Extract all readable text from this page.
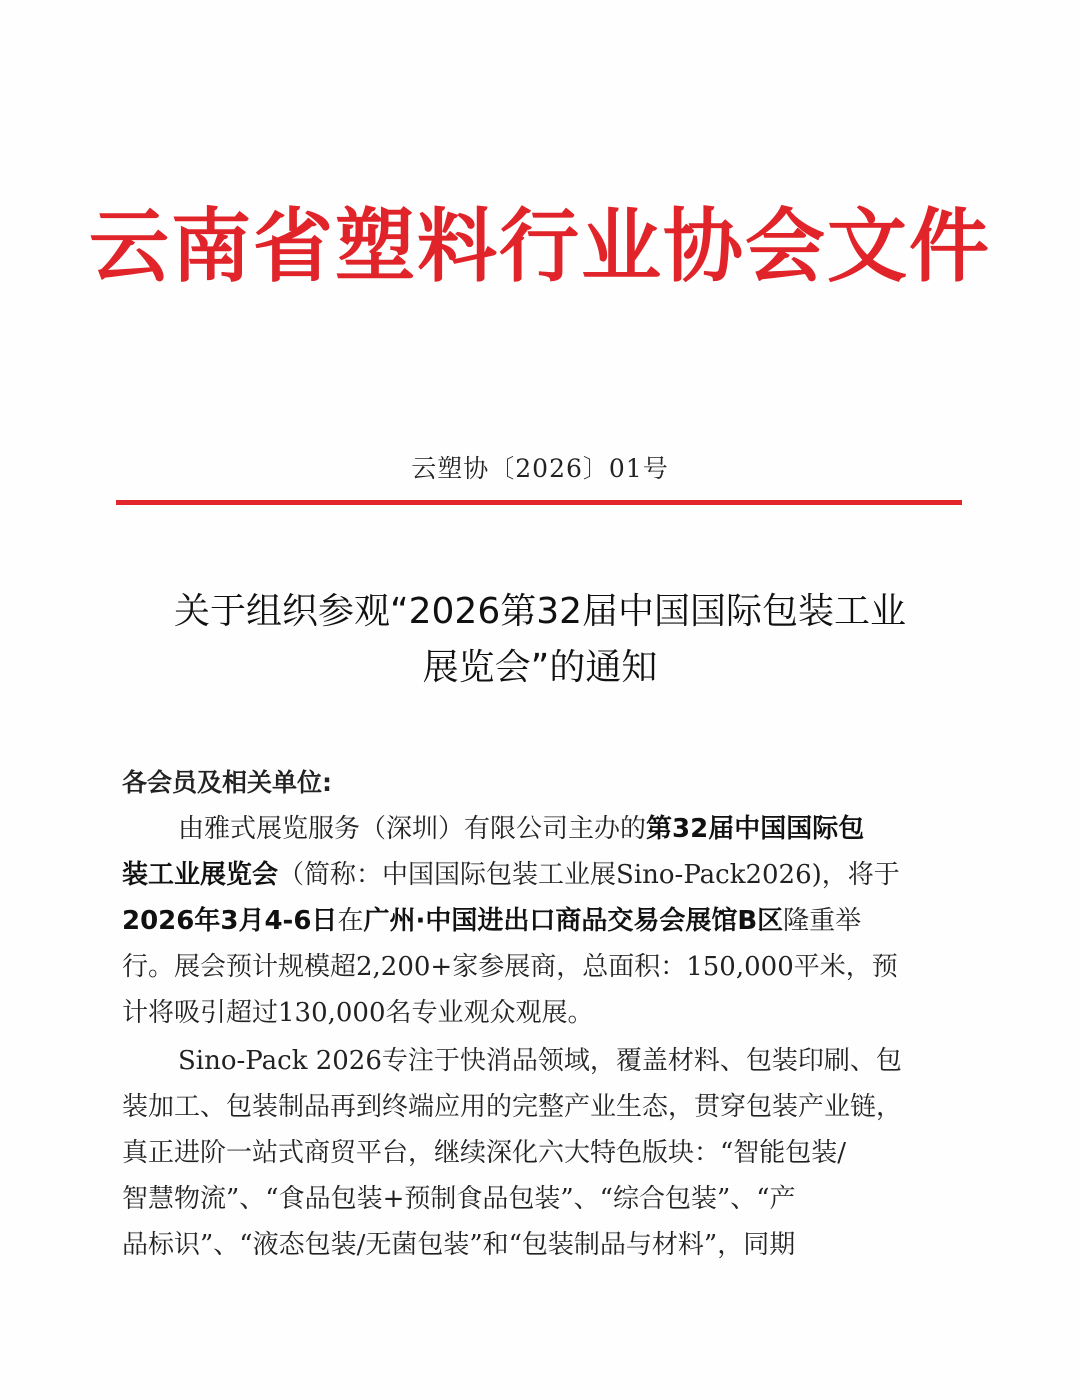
云南省塑料行业协会文件
云塑协〔2026〕01号
关于组织参观“2026第32届中国国际包装工业
展览会”的通知
各会员及相关单位:
由雅式展览服务（深圳）有限公司主办的 第32届中国国际包
装工业展览会 （简称：中国国际包装工业展Sino-Pack2026)，将于
2026年3月4-6日 在 广州·中国进出口商品交易会展馆B区 隆重举
行。展会预计规模超2,200+家参展商，总面积：150,000平米，预
计将吸引超过130,000名专业观众观展。
Sino-Pack 2026专注于快消品领域，覆盖材料、包装印刷、包
装加工、包装制品再到终端应用的完整产业生态，贯穿包装产业链，
真正进阶一站式商贸平台，继续深化六大特色版块：“智能包装/
智慧物流”、“食品包装+预制食品包装”、“综合包装”、“产
品标识”、“液态包装/无菌包装”和“包装制品与材料”，同期
